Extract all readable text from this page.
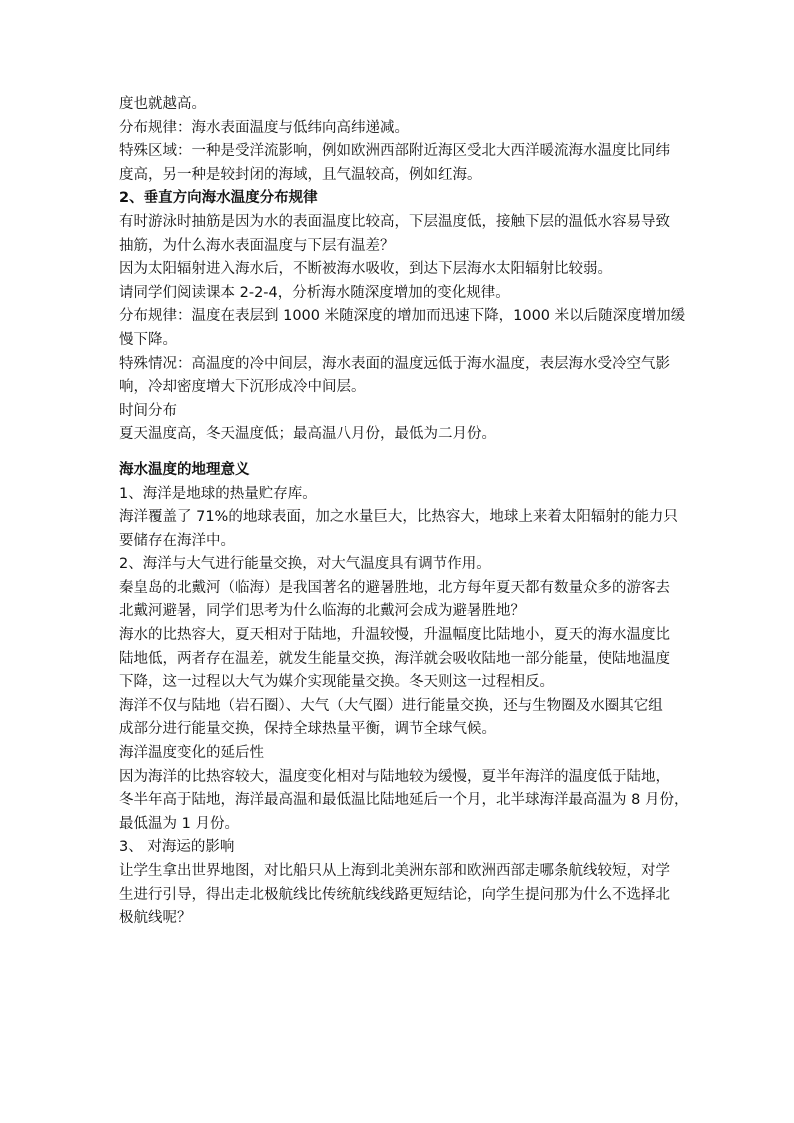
度也就越高。
分布规律：海水表面温度与低纬向高纬递减。
特殊区域：一种是受洋流影响，例如欧洲西部附近海区受北大西洋暖流海水温度比同纬
度高，另一种是较封闭的海域，且气温较高，例如红海。
2、垂直方向海水温度分布规律
有时游泳时抽筋是因为水的表面温度比较高，下层温度低，接触下层的温低水容易导致
抽筋，为什么海水表面温度与下层有温差？
因为太阳辐射进入海水后，不断被海水吸收，到达下层海水太阳辐射比较弱。
请同学们阅读课本 2-2-4，分析海水随深度增加的变化规律。
分布规律：温度在表层到 1000 米随深度的增加而迅速下降，1000 米以后随深度增加缓
慢下降。
特殊情况：高温度的冷中间层，海水表面的温度远低于海水温度，表层海水受冷空气影
响，冷却密度增大下沉形成冷中间层。
时间分布
夏天温度高，冬天温度低；最高温八月份，最低为二月份。
海水温度的地理意义
1、海洋是地球的热量贮存库。
海洋覆盖了 71%的地球表面，加之水量巨大，比热容大，地球上来着太阳辐射的能力只
要储存在海洋中。
2、海洋与大气进行能量交换，对大气温度具有调节作用。
秦皇岛的北戴河（临海）是我国著名的避暑胜地，北方每年夏天都有数量众多的游客去
北戴河避暑，同学们思考为什么临海的北戴河会成为避暑胜地？
海水的比热容大，夏天相对于陆地，升温较慢，升温幅度比陆地小，夏天的海水温度比
陆地低，两者存在温差，就发生能量交换，海洋就会吸收陆地一部分能量，使陆地温度
下降，这一过程以大气为媒介实现能量交换。冬天则这一过程相反。
海洋不仅与陆地（岩石圈）、大气（大气圈）进行能量交换，还与生物圈及水圈其它组
成部分进行能量交换，保持全球热量平衡，调节全球气候。
海洋温度变化的延后性
因为海洋的比热容较大，温度变化相对与陆地较为缓慢，夏半年海洋的温度低于陆地，
冬半年高于陆地，海洋最高温和最低温比陆地延后一个月，北半球海洋最高温为 8 月份，
最低温为 1 月份。
3、 对海运的影响
让学生拿出世界地图，对比船只从上海到北美洲东部和欧洲西部走哪条航线较短，对学
生进行引导，得出走北极航线比传统航线线路更短结论，向学生提问那为什么不选择北
极航线呢？
